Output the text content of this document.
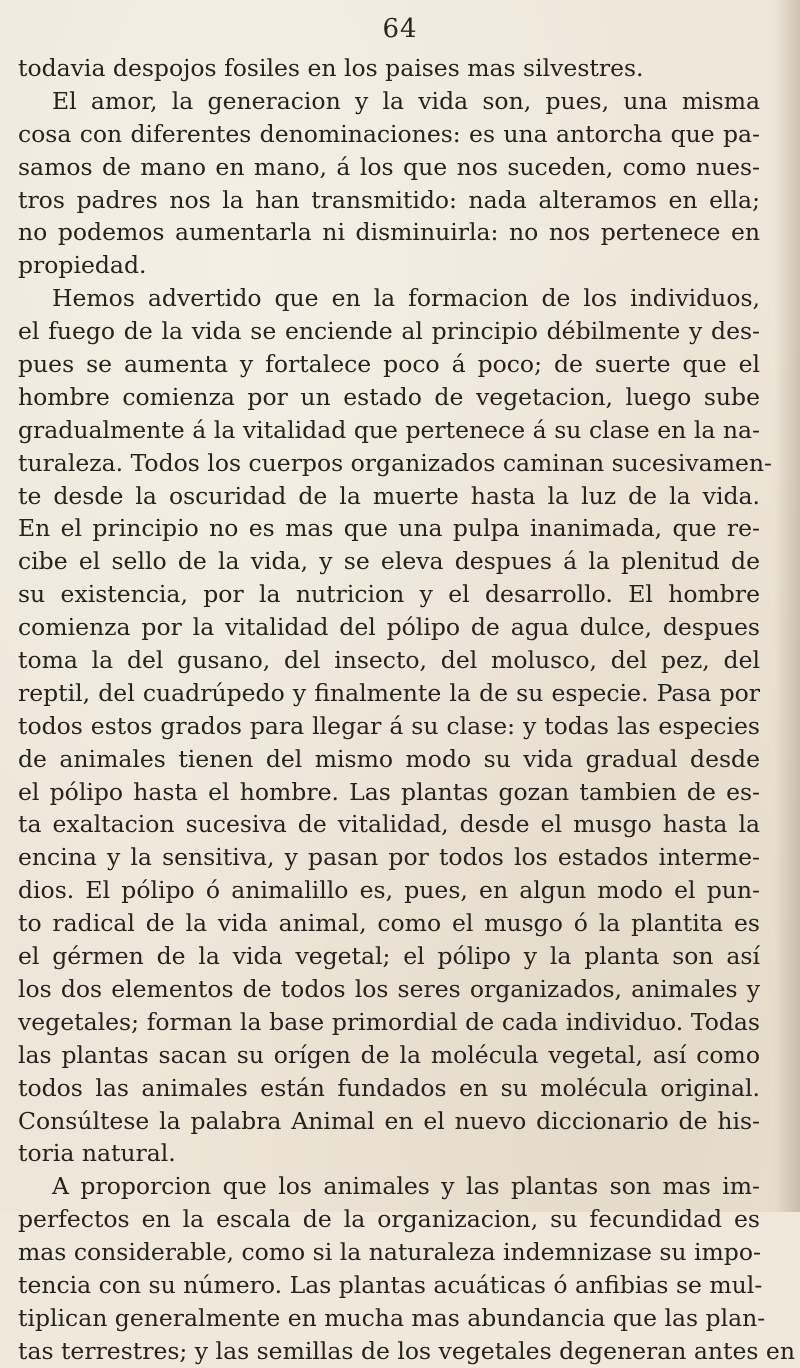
64
todavia despojos fosiles en los paises mas silvestres.
El amor, la generacion y la vida son, pues, una misma
cosa con diferentes denominaciones: es una antorcha que pa-
samos de mano en mano, á los que nos suceden, como nues-
tros padres nos la han transmitido: nada alteramos en ella;
no podemos aumentarla ni disminuirla: no nos pertenece en
propiedad.
Hemos advertido que en la formacion de los individuos,
el fuego de la vida se enciende al principio débilmente y des-
pues se aumenta y fortalece poco á poco; de suerte que el
hombre comienza por un estado de vegetacion, luego sube
gradualmente á la vitalidad que pertenece á su clase en la na-
turaleza. Todos los cuerpos organizados caminan sucesivamen-
te desde la oscuridad de la muerte hasta la luz de la vida.
En el principio no es mas que una pulpa inanimada, que re-
cibe el sello de la vida, y se eleva despues á la plenitud de
su existencia, por la nutricion y el desarrollo. El hombre
comienza por la vitalidad del pólipo de agua dulce, despues
toma la del gusano, del insecto, del molusco, del pez, del
reptil, del cuadrúpedo y finalmente la de su especie. Pasa por
todos estos grados para llegar á su clase: y todas las especies
de animales tienen del mismo modo su vida gradual desde
el pólipo hasta el hombre. Las plantas gozan tambien de es-
ta exaltacion sucesiva de vitalidad, desde el musgo hasta la
encina y la sensitiva, y pasan por todos los estados interme-
dios. El pólipo ó animalillo es, pues, en algun modo el pun-
to radical de la vida animal, como el musgo ó la plantita es
el gérmen de la vida vegetal; el pólipo y la planta son así
los dos elementos de todos los seres organizados, animales y
vegetales; forman la base primordial de cada individuo. Todas
las plantas sacan su orígen de la molécula vegetal, así como
todos las animales están fundados en su molécula original.
Consúltese la palabra Animal en el nuevo diccionario de his-
toria natural.
A proporcion que los animales y las plantas son mas im-
perfectos en la escala de la organizacion, su fecundidad es
mas considerable, como si la naturaleza indemnizase su impo-
tencia con su número. Las plantas acuáticas ó anfibias se mul-
tiplican generalmente en mucha mas abundancia que las plan-
tas terrestres; y las semillas de los vegetales degeneran antes en
